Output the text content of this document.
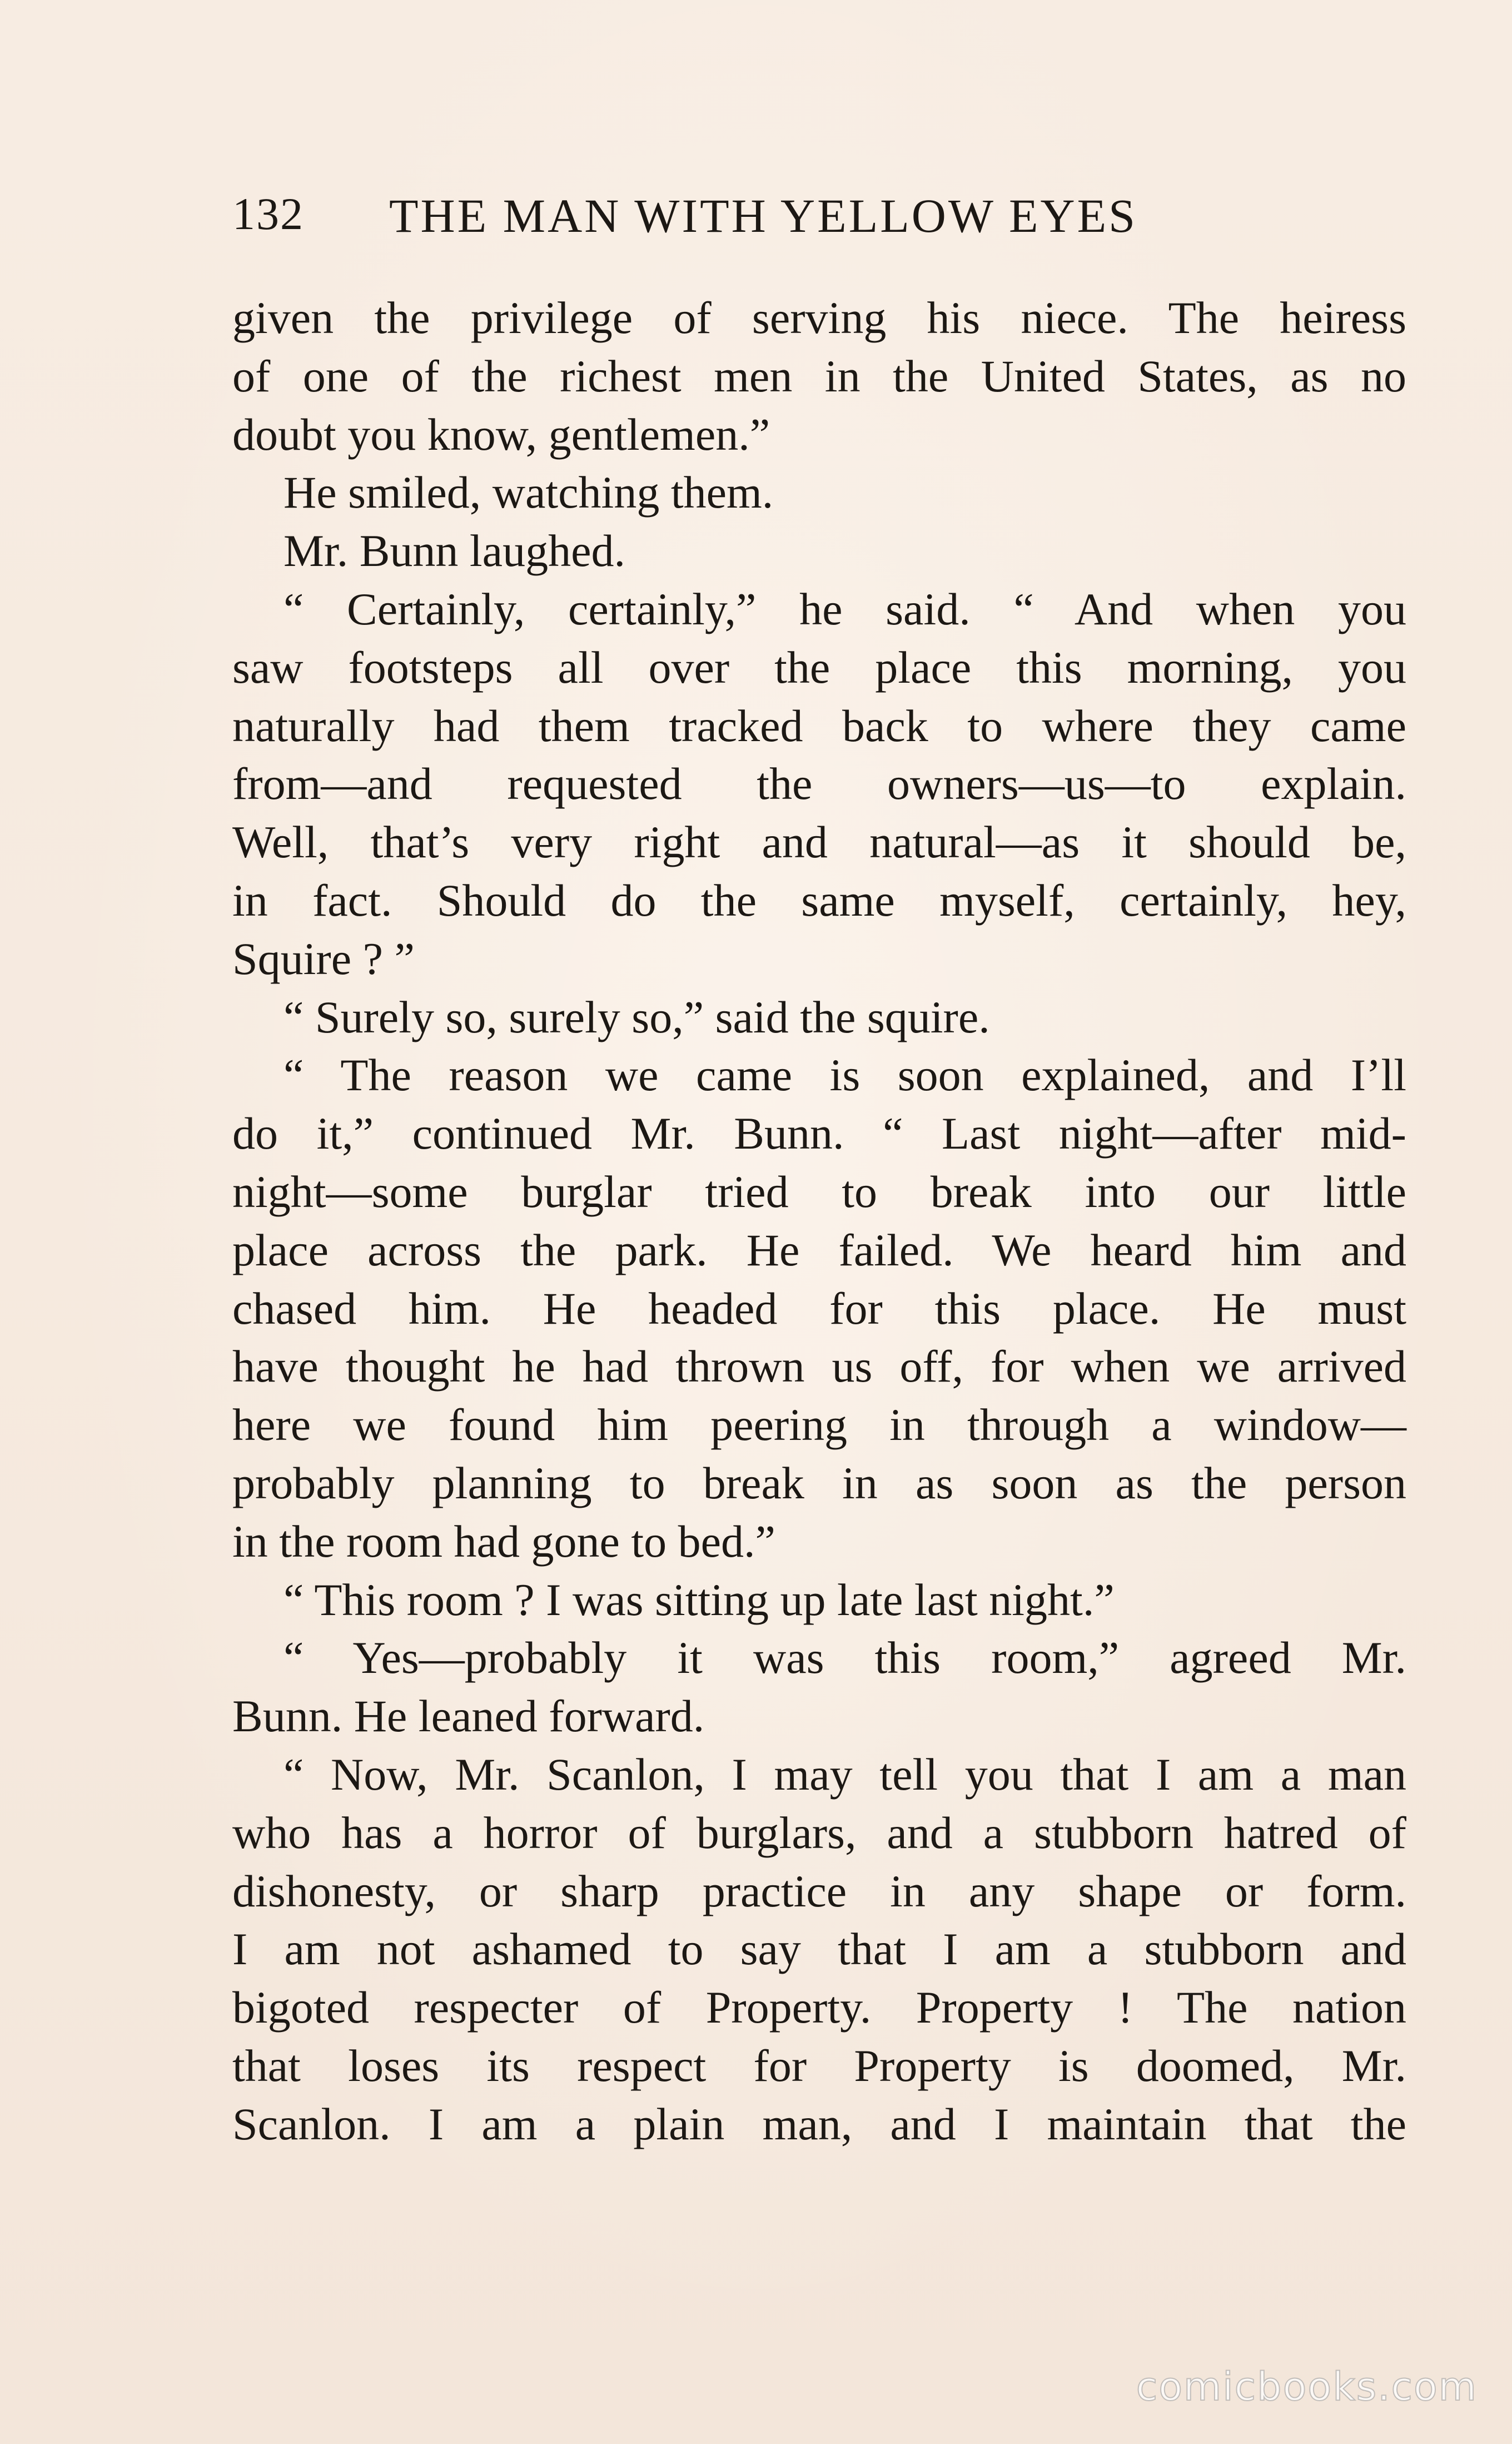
132 THE MAN WITH YELLOW EYES
given the privilege of serving his niece. The heiress
of one of the richest men in the United States, as no
doubt you know, gentlemen.”
He smiled, watching them.
Mr. Bunn laughed.
“ Certainly, certainly,” he said. “ And when you
saw footsteps all over the place this morning, you
naturally had them tracked back to where they came
from—and requested the owners—us—to explain.
Well, that’s very right and natural—as it should be,
in fact. Should do the same myself, certainly, hey,
Squire ? ”
“ Surely so, surely so,” said the squire.
“ The reason we came is soon explained, and I’ll
do it,” continued Mr. Bunn. “ Last night—after mid-
night—some burglar tried to break into our little
place across the park. He failed. We heard him and
chased him. He headed for this place. He must
have thought he had thrown us off, for when we arrived
here we found him peering in through a window—
probably planning to break in as soon as the person
in the room had gone to bed.”
“ This room ? I was sitting up late last night.”
“ Yes—probably it was this room,” agreed Mr.
Bunn. He leaned forward.
“ Now, Mr. Scanlon, I may tell you that I am a man
who has a horror of burglars, and a stubborn hatred of
dishonesty, or sharp practice in any shape or form.
I am not ashamed to say that I am a stubborn and
bigoted respecter of Property. Property ! The nation
that loses its respect for Property is doomed, Mr.
Scanlon. I am a plain man, and I maintain that the
comicbooks.com
